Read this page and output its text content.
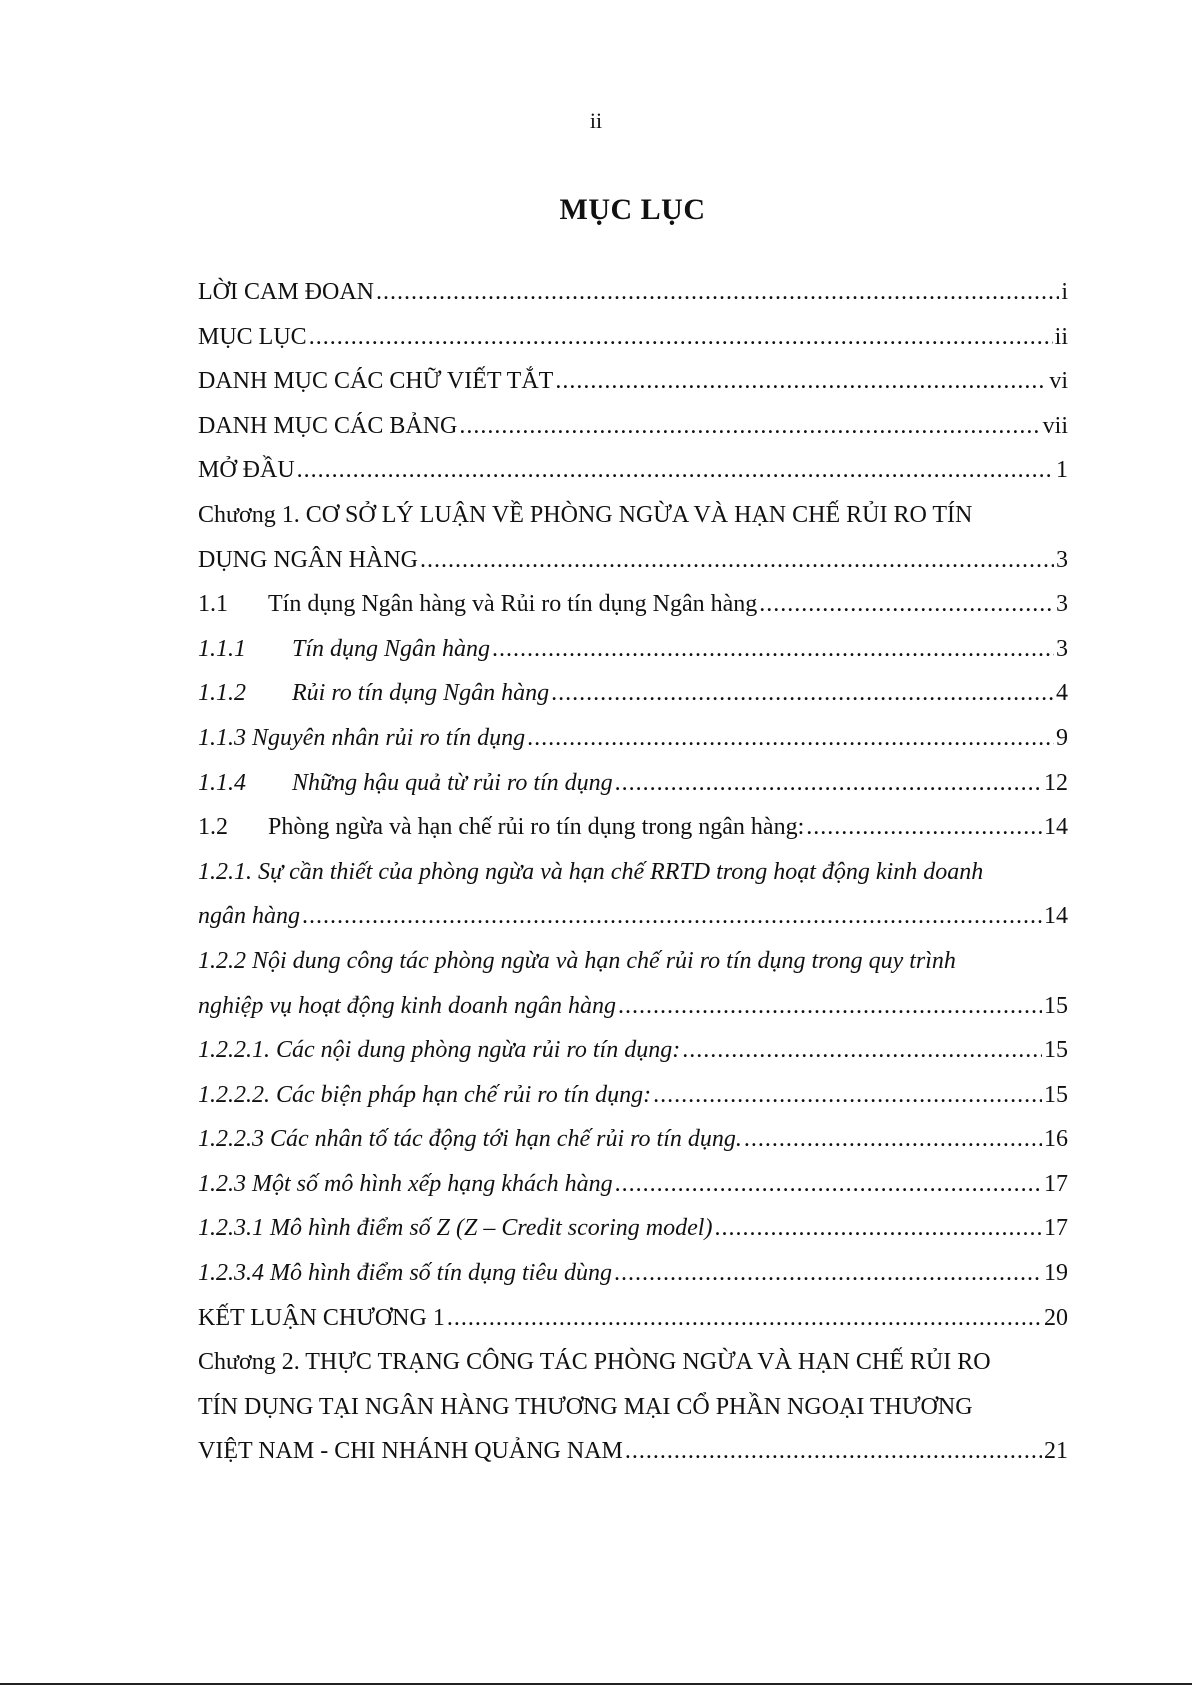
ii
MỤC LỤC
LỜI CAM ĐOAN .....	i
MỤC LỤC .....	ii
DANH MỤC CÁC CHỮ VIẾT TẮT .....	vi
DANH MỤC CÁC BẢNG .....	vii
MỞ ĐẦU .....	1
Chương 1. CƠ SỞ LÝ LUẬN VỀ PHÒNG NGỪA VÀ HẠN CHẾ RỦI RO TÍN
DỤNG NGÂN HÀNG .....	3
1.1	Tín dụng Ngân hàng và Rủi ro tín dụng Ngân hàng .....	3
1.1.1	Tín dụng Ngân hàng .....	3
1.1.2	Rủi ro tín dụng Ngân hàng .....	4
1.1.3 Nguyên nhân rủi ro tín dụng .....	9
1.1.4	Những hậu quả từ rủi ro tín dụng .....	12
1.2	Phòng ngừa và hạn chế rủi ro tín dụng trong ngân hàng: .....	14
1.2.1. Sự cần thiết của phòng ngừa và hạn chế RRTD trong hoạt động kinh doanh
ngân hàng .....	14
1.2.2 Nội dung công tác phòng ngừa và hạn chế rủi ro tín dụng trong quy trình
nghiệp vụ hoạt động kinh doanh ngân hàng .....	15
1.2.2.1. Các nội dung phòng ngừa rủi ro tín dụng: .....	15
1.2.2.2. Các biện pháp hạn chế rủi ro tín dụng: .....	15
1.2.2.3 Các nhân tố tác động tới hạn chế rủi ro tín dụng. .....	16
1.2.3 Một số mô hình xếp hạng khách hàng .....	17
1.2.3.1 Mô hình điểm số Z (Z – Credit scoring model) .....	17
1.2.3.4 Mô hình điểm số tín dụng tiêu dùng .....	19
KẾT LUẬN CHƯƠNG 1 .....	20
Chương 2. THỰC TRẠNG CÔNG TÁC PHÒNG NGỪA VÀ HẠN CHẾ RỦI RO
TÍN DỤNG TẠI NGÂN HÀNG THƯƠNG MẠI CỔ PHẦN NGOẠI THƯƠNG
VIỆT NAM - CHI NHÁNH QUẢNG NAM .....	21
